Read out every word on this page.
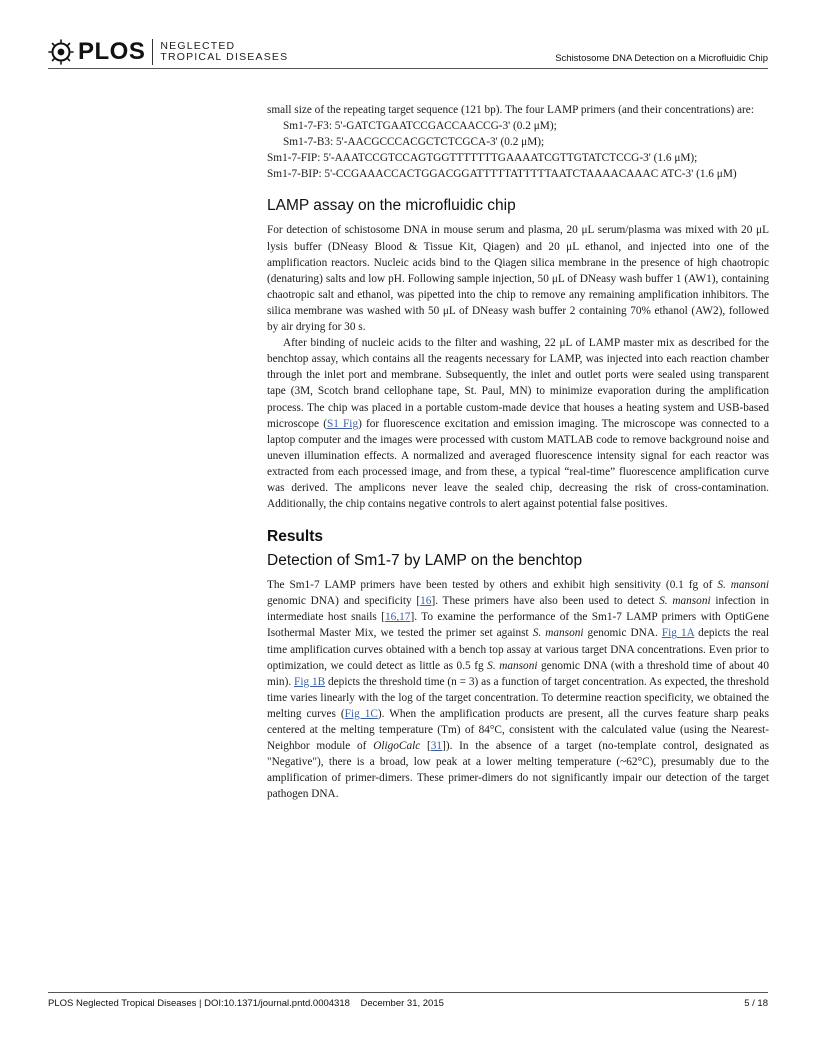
PLOS NEGLECTED
TROPICAL DISEASES	Schistosome DNA Detection on a Microfluidic Chip

small size of the repeating target sequence (121 bp). The four LAMP primers (and their concentrations) are:

Sm1-7-F3: 5'-GATCTGAATCCGACCAACCG-3' (0.2 μM);

Sm1-7-B3: 5'-AACGCCCACGCTCTCGCA-3' (0.2 μM);

Sm1-7-FIP: 5'-AAATCCGTCCAGTGGTTTTTTTGAAAATCGTTGTATCTCCG-3' (1.6 μM);

Sm1-7-BIP: 5'-CCGAAACCACTGGACGGATTTTTATTTTTAATCTAAAACAAAC ATC-3' (1.6 μM)

LAMP assay on the microfluidic chip

For detection of schistosome DNA in mouse serum and plasma, 20 μL serum/plasma was mixed with 20 μL lysis buffer (DNeasy Blood & Tissue Kit, Qiagen) and 20 μL ethanol, and injected into one of the amplification reactors. Nucleic acids bind to the Qiagen silica membrane in the presence of high chaotropic (denaturing) salts and low pH. Following sample injection, 50 μL of DNeasy wash buffer 1 (AW1), containing chaotropic salt and ethanol, was pipetted into the chip to remove any remaining amplification inhibitors. The silica membrane was washed with 50 μL of DNeasy wash buffer 2 containing 70% ethanol (AW2), followed by air drying for 30 s.

After binding of nucleic acids to the filter and washing, 22 μL of LAMP master mix as described for the benchtop assay, which contains all the reagents necessary for LAMP, was injected into each reaction chamber through the inlet port and membrane. Subsequently, the inlet and outlet ports were sealed using transparent tape (3M, Scotch brand cellophane tape, St. Paul, MN) to minimize evaporation during the amplification process. The chip was placed in a portable custom-made device that houses a heating system and USB-based microscope (S1 Fig) for fluorescence excitation and emission imaging. The microscope was connected to a laptop computer and the images were processed with custom MATLAB code to remove background noise and uneven illumination effects. A normalized and averaged fluorescence intensity signal for each reactor was extracted from each processed image, and from these, a typical “real-time” fluorescence amplification curve was derived. The amplicons never leave the sealed chip, decreasing the risk of cross-contamination. Additionally, the chip contains negative controls to alert against potential false positives.

Results
Detection of Sm1-7 by LAMP on the benchtop

The Sm1-7 LAMP primers have been tested by others and exhibit high sensitivity (0.1 fg of S. mansoni genomic DNA) and specificity [16]. These primers have also been used to detect S. mansoni infection in intermediate host snails [16,17]. To examine the performance of the Sm1-7 LAMP primers with OptiGene Isothermal Master Mix, we tested the primer set against S. mansoni genomic DNA. Fig 1A depicts the real time amplification curves obtained with a bench top assay at various target DNA concentrations. Even prior to optimization, we could detect as little as 0.5 fg S. mansoni genomic DNA (with a threshold time of about 40 min). Fig 1B depicts the threshold time (n = 3) as a function of target concentration. As expected, the threshold time varies linearly with the log of the target concentration. To determine reaction specificity, we obtained the melting curves (Fig 1C). When the amplification products are present, all the curves feature sharp peaks centered at the melting temperature (Tm) of 84°C, consistent with the calculated value (using the Nearest-Neighbor module of OligoCalc [31]). In the absence of a target (no-template control, designated as "Negative"), there is a broad, low peak at a lower melting temperature (~62°C), presumably due to the amplification of primer-dimers. These primer-dimers do not significantly impair our detection of the target pathogen DNA.

PLOS Neglected Tropical Diseases | DOI:10.1371/journal.pntd.0004318    December 31, 2015	5 / 18
